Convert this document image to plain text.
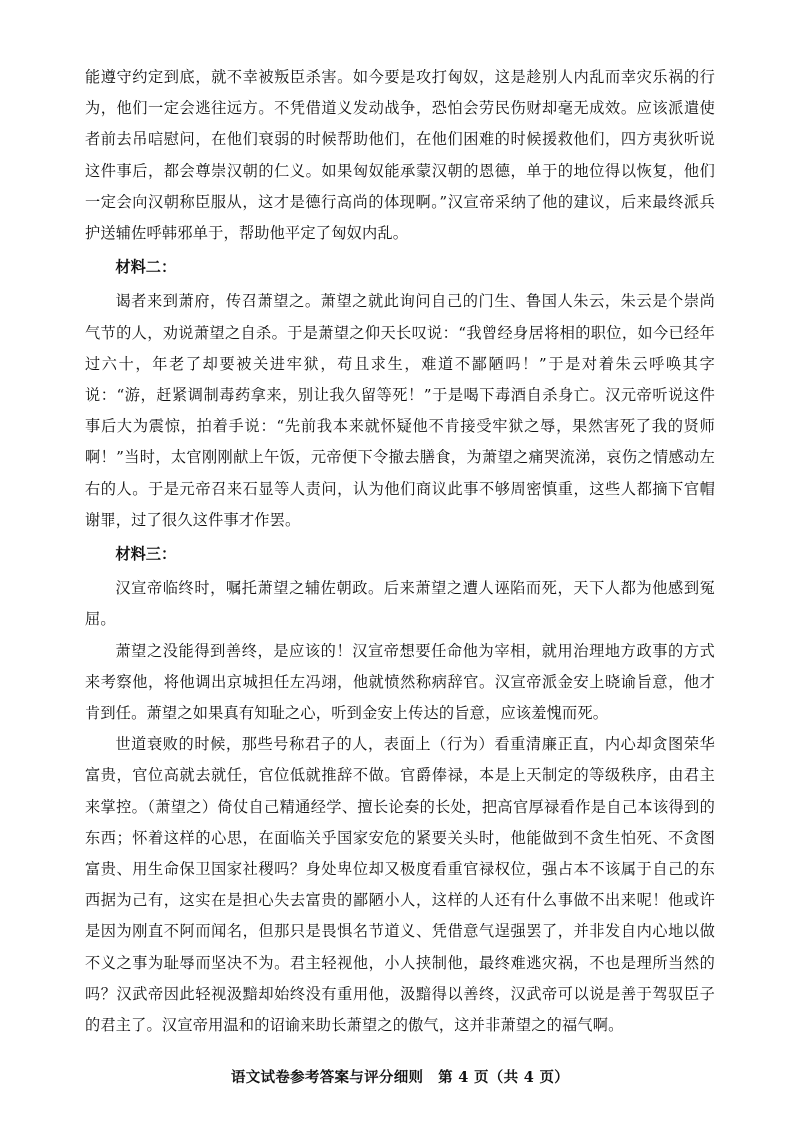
能遵守约定到底，就不幸被叛臣杀害。如今要是攻打匈奴，这是趁别人内乱而幸灾乐祸的行为，他们一定会逃往远方。不凭借道义发动战争，恐怕会劳民伤财却毫无成效。应该派遣使者前去吊唁慰问，在他们衰弱的时候帮助他们，在他们困难的时候援救他们，四方夷狄听说这件事后，都会尊崇汉朝的仁义。如果匈奴能承蒙汉朝的恩德，单于的地位得以恢复，他们一定会向汉朝称臣服从，这才是德行高尚的体现啊。”汉宣帝采纳了他的建议，后来最终派兵护送辅佐呼韩邪单于，帮助他平定了匈奴内乱。

材料二：

谒者来到萧府，传召萧望之。萧望之就此询问自己的门生、鲁国人朱云，朱云是个崇尚气节的人，劝说萧望之自杀。于是萧望之仰天长叹说：“我曾经身居将相的职位，如今已经年过六十，年老了却要被关进牢狱，苟且求生，难道不鄙陋吗！”于是对着朱云呼唤其字说：“游，赶紧调制毒药拿来，别让我久留等死！”于是喝下毒酒自杀身亡。汉元帝听说这件事后大为震惊，拍着手说：“先前我本来就怀疑他不肯接受牢狱之辱，果然害死了我的贤师啊！”当时，太官刚刚献上午饭，元帝便下令撤去膳食，为萧望之痛哭流涕，哀伤之情感动左右的人。于是元帝召来石显等人责问，认为他们商议此事不够周密慎重，这些人都摘下官帽谢罪，过了很久这件事才作罢。

材料三：

汉宣帝临终时，嘱托萧望之辅佐朝政。后来萧望之遭人诬陷而死，天下人都为他感到冤屈。

萧望之没能得到善终，是应该的！汉宣帝想要任命他为宰相，就用治理地方政事的方式来考察他，将他调出京城担任左冯翊，他就愤然称病辞官。汉宣帝派金安上晓谕旨意，他才肯到任。萧望之如果真有知耻之心，听到金安上传达的旨意，应该羞愧而死。

世道衰败的时候，那些号称君子的人，表面上（行为）看重清廉正直，内心却贪图荣华富贵，官位高就去就任，官位低就推辞不做。官爵俸禄，本是上天制定的等级秩序，由君主来掌控。（萧望之）倚仗自己精通经学、擅长论奏的长处，把高官厚禄看作是自己本该得到的东西；怀着这样的心思，在面临关乎国家安危的紧要关头时，他能做到不贪生怕死、不贪图富贵、用生命保卫国家社稷吗？身处卑位却又极度看重官禄权位，强占本不该属于自己的东西据为己有，这实在是担心失去富贵的鄙陋小人，这样的人还有什么事做不出来呢！他或许是因为刚直不阿而闻名，但那只是畏惧名节道义、凭借意气逞强罢了，并非发自内心地以做不义之事为耻辱而坚决不为。君主轻视他，小人挟制他，最终难逃灾祸，不也是理所当然的吗？汉武帝因此轻视汲黯却始终没有重用他，汲黯得以善终，汉武帝可以说是善于驾驭臣子的君主了。汉宣帝用温和的诏谕来助长萧望之的傲气，这并非萧望之的福气啊。

语文试卷参考答案与评分细则　第 4 页（共 4 页）
